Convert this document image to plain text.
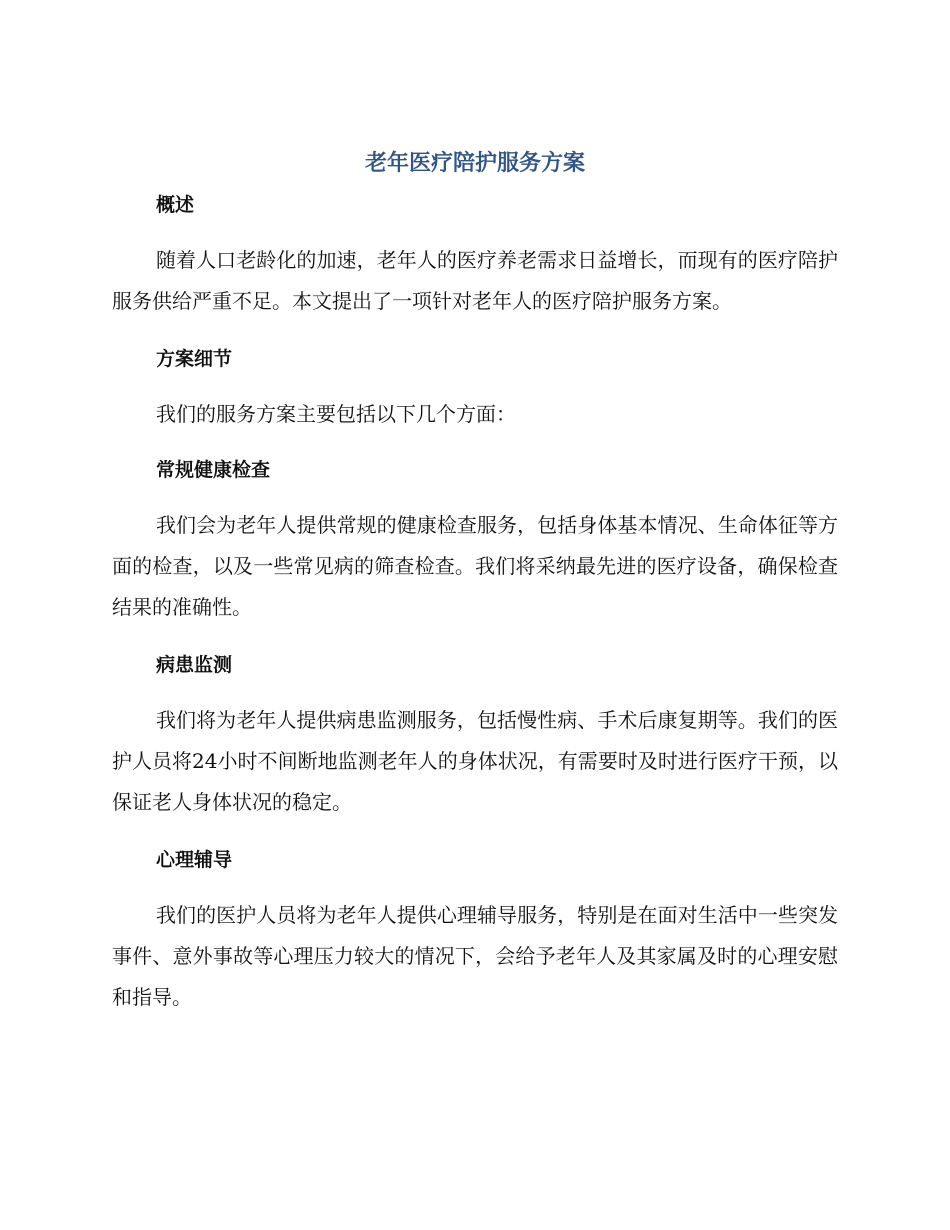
老年医疗陪护服务方案
概述

随着人口老龄化的加速，老年人的医疗养老需求日益增长，而现有的医疗陪护服务供给严重不足。本文提出了一项针对老年人的医疗陪护服务方案。

方案细节

我们的服务方案主要包括以下几个方面：

常规健康检查

我们会为老年人提供常规的健康检查服务，包括身体基本情况、生命体征等方面的检查，以及一些常见病的筛查检查。我们将采纳最先进的医疗设备，确保检查结果的准确性。

病患监测

我们将为老年人提供病患监测服务，包括慢性病、手术后康复期等。我们的医护人员将24小时不间断地监测老年人的身体状况，有需要时及时进行医疗干预，以保证老人身体状况的稳定。

心理辅导

我们的医护人员将为老年人提供心理辅导服务，特别是在面对生活中一些突发事件、意外事故等心理压力较大的情况下，会给予老年人及其家属及时的心理安慰和指导。
